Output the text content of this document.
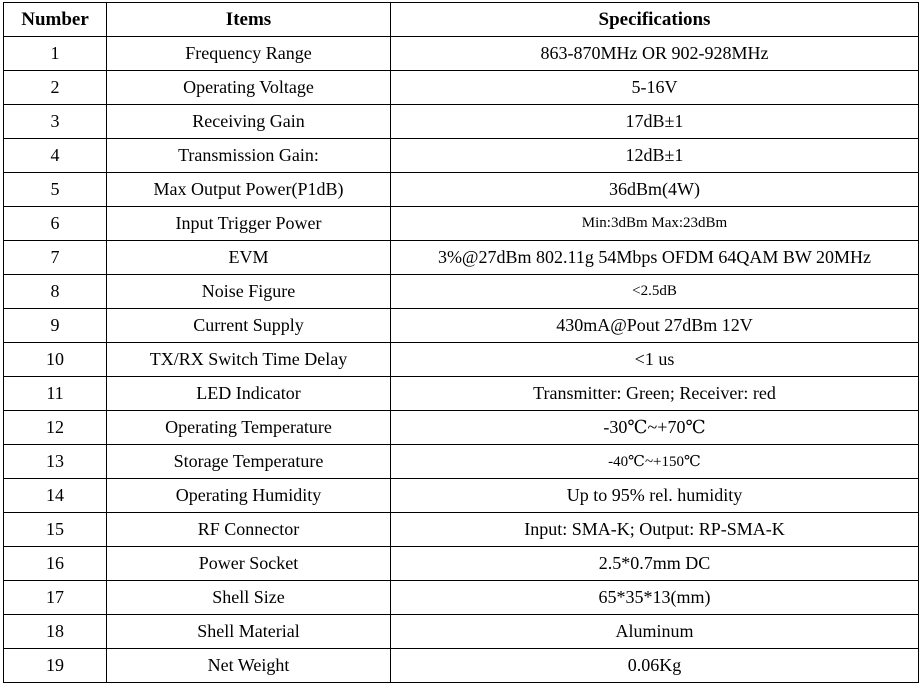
Number	Items	Specifications
1	Frequency Range	863-870MHz OR 902-928MHz
2	Operating Voltage	5-16V
3	Receiving Gain	17dB±1
4	Transmission Gain:	12dB±1
5	Max Output Power(P1dB)	36dBm(4W)
6	Input Trigger Power	Min:3dBm Max:23dBm
7	EVM	3%@27dBm 802.11g 54Mbps OFDM 64QAM BW 20MHz
8	Noise Figure	<2.5dB
9	Current Supply	430mA@Pout 27dBm 12V
10	TX/RX Switch Time Delay	<1 us
11	LED Indicator	Transmitter: Green; Receiver: red
12	Operating Temperature	-30℃~+70℃
13	Storage Temperature	-40℃~+150℃
14	Operating Humidity	Up to 95% rel. humidity
15	RF Connector	Input: SMA-K; Output: RP-SMA-K
16	Power Socket	2.5*0.7mm DC
17	Shell Size	65*35*13(mm)
18	Shell Material	Aluminum
19	Net Weight	0.06Kg
